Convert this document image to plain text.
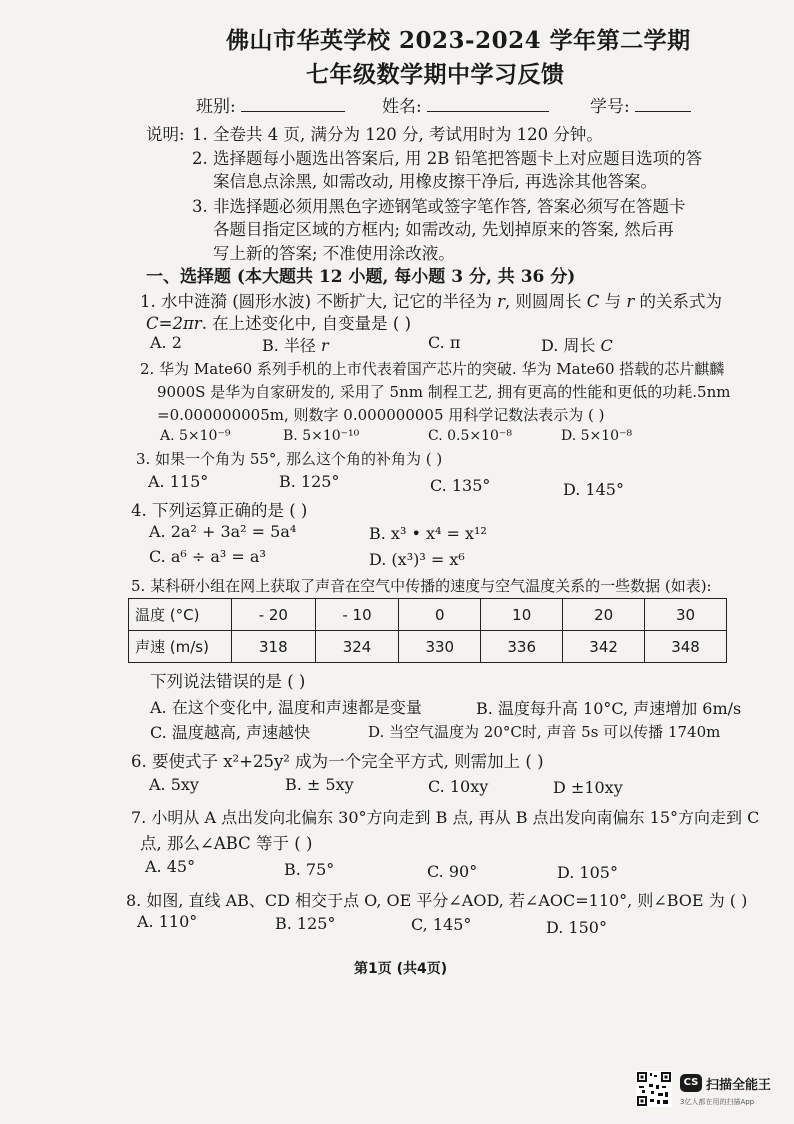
佛山市华英学校 2023-2024 学年第二学期
七年级数学期中学习反馈
班别:	姓名:	学号:
说明: 1. 全卷共 4 页, 满分为 120 分, 考试用时为 120 分钟。
2. 选择题每小题选出答案后, 用 2B 铅笔把答题卡上对应题目选项的答
案信息点涂黑, 如需改动, 用橡皮擦干净后, 再选涂其他答案。
3. 非选择题必须用黑色字迹钢笔或签字笔作答, 答案必须写在答题卡
各题目指定区域的方框内; 如需改动, 先划掉原来的答案, 然后再
写上新的答案; 不准使用涂改液。
一、选择题 (本大题共 12 小题, 每小题 3 分, 共 36 分)
1. 水中涟漪 (圆形水波) 不断扩大, 记它的半径为 r, 则圆周长 C 与 r 的关系式为
C=2πr. 在上述变化中, 自变量是 ( )
A. 2	B. 半径 r	C. π	D. 周长 C
2. 华为 Mate60 系列手机的上市代表着国产芯片的突破. 华为 Mate60 搭载的芯片麒麟
9000S 是华为自家研发的, 采用了 5nm 制程工艺, 拥有更高的性能和更低的功耗.5nm
=0.000000005m, 则数字 0.000000005 用科学记数法表示为 ( )
A. 5×10⁻⁹	B. 5×10⁻¹⁰	C. 0.5×10⁻⁸	D. 5×10⁻⁸
3. 如果一个角为 55°, 那么这个角的补角为 ( )
A. 115°	B. 125°	C. 135°	D. 145°
4. 下列运算正确的是 ( )
A. 2a² + 3a² = 5a⁴	B. x³ • x⁴ = x¹²
C. a⁶ ÷ a³ = a³	D. (x³)³ = x⁶
5. 某科研小组在网上获取了声音在空气中传播的速度与空气温度关系的一些数据 (如表):
温度 (°C)	- 20	- 10	0	10	20	30
声速 (m/s)	318	324	330	336	342	348
下列说法错误的是 ( )
A. 在这个变化中, 温度和声速都是变量	B. 温度每升高 10°C, 声速增加 6m/s
C. 温度越高, 声速越快	D. 当空气温度为 20°C时, 声音 5s 可以传播 1740m
6. 要使式子 x²+25y² 成为一个完全平方式, 则需加上 ( )
A. 5xy	B. ± 5xy	C. 10xy	D ±10xy
7. 小明从 A 点出发向北偏东 30°方向走到 B 点, 再从 B 点出发向南偏东 15°方向走到 C
点, 那么∠ABC 等于 ( )
A. 45°	B. 75°	C. 90°	D. 105°
8. 如图, 直线 AB、CD 相交于点 O, OE 平分∠AOD, 若∠AOC=110°, 则∠BOE 为 ( )
A. 110°	B. 125°	C, 145°	D. 150°
第1页 (共4页)
CS 扫描全能王
3亿人都在用的扫描App
